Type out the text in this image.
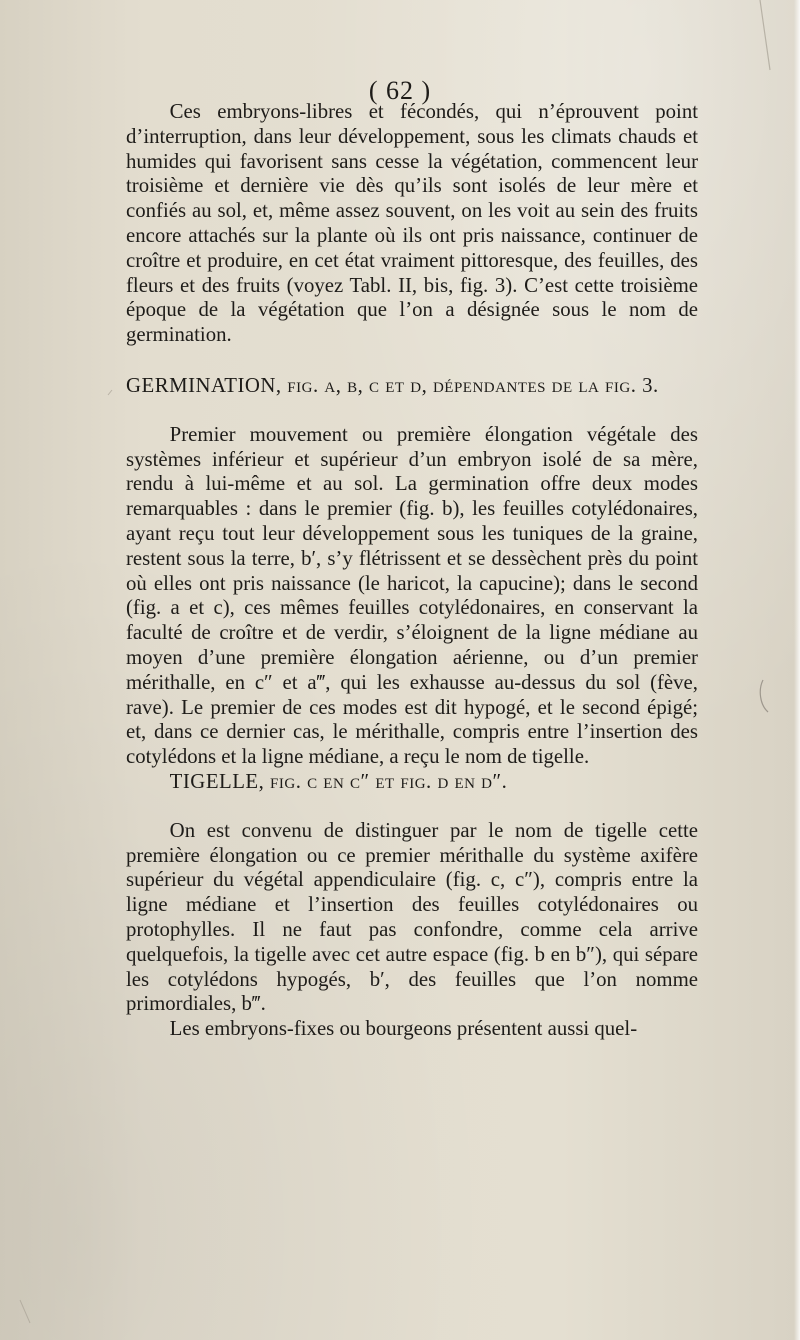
( 62 )

Ces embryons-libres et fécondés, qui n’éprouvent point d’interruption, dans leur développement, sous les climats chauds et humides qui favorisent sans cesse la végétation, commencent leur troisième et dernière vie dès qu’ils sont isolés de leur mère et confiés au sol, et, même assez souvent, on les voit au sein des fruits encore attachés sur la plante où ils ont pris naissance, continuer de croître et produire, en cet état vraiment pittoresque, des feuilles, des fleurs et des fruits (voyez Tabl. II, bis, fig. 3). C’est cette troisième époque de la végétation que l’on a désignée sous le nom de germination.

GERMINATION, fig. a, b, c et d, dépendantes de la fig. 3.

Premier mouvement ou première élongation végétale des systèmes inférieur et supérieur d’un embryon isolé de sa mère, rendu à lui-même et au sol. La germination offre deux modes remarquables : dans le premier (fig. b), les feuilles cotylédonaires, ayant reçu tout leur développement sous les tuniques de la graine, restent sous la terre, b′, s’y flétrissent et se dessèchent près du point où elles ont pris naissance (le haricot, la capucine); dans le second (fig. a et c), ces mêmes feuilles cotylédonaires, en conservant la faculté de croître et de verdir, s’éloignent de la ligne médiane au moyen d’une première élongation aérienne, ou d’un premier mérithalle, en c″ et a‴, qui les exhausse au-dessus du sol (fève, rave). Le premier de ces modes est dit hypogé, et le second épigé; et, dans ce dernier cas, le mérithalle, compris entre l’insertion des cotylédons et la ligne médiane, a reçu le nom de tigelle.

TIGELLE, fig. c en c″ et fig. d en d″.

On est convenu de distinguer par le nom de tigelle cette première élongation ou ce premier mérithalle du système axifère supérieur du végétal appendiculaire (fig. c, c″), compris entre la ligne médiane et l’insertion des feuilles cotylédonaires ou protophylles. Il ne faut pas confondre, comme cela arrive quelquefois, la tigelle avec cet autre espace (fig. b en b″), qui sépare les cotylédons hypogés, b′, des feuilles que l’on nomme primordiales, b‴.

Les embryons-fixes ou bourgeons présentent aussi quel-
